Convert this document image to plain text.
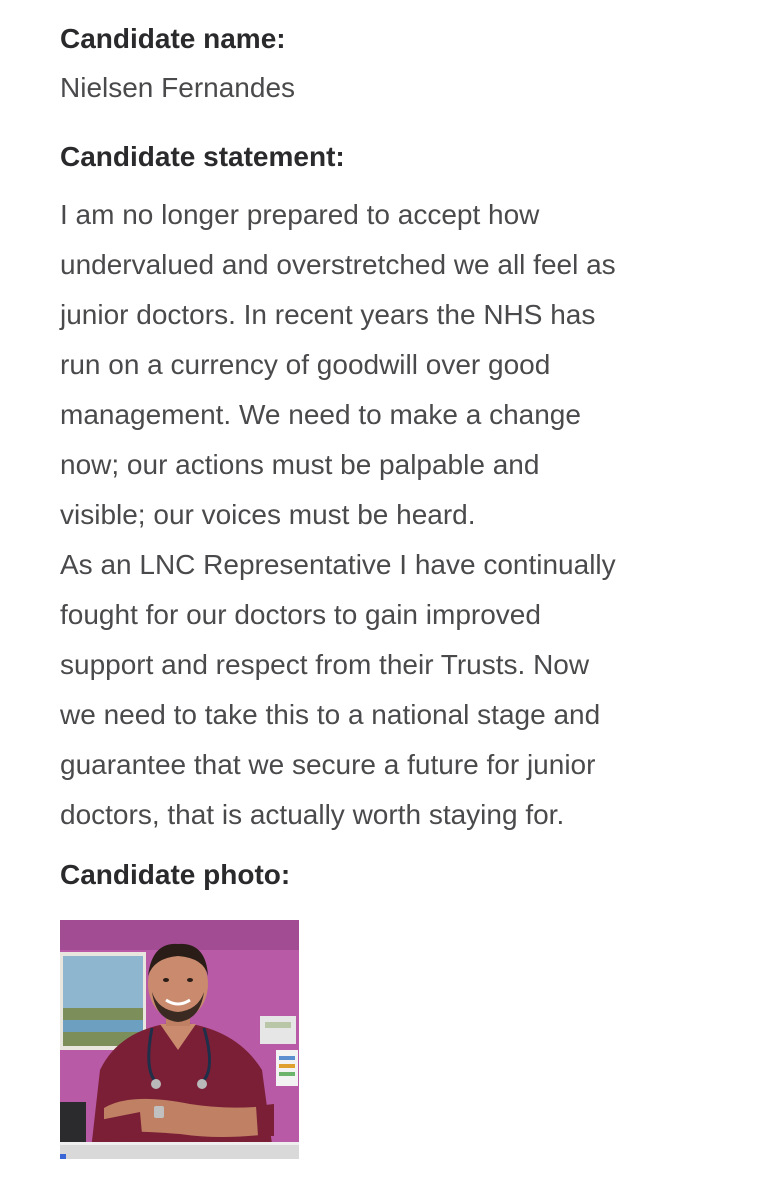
Candidate name:

Nielsen Fernandes

Candidate statement:

I am no longer prepared to accept how
undervalued and overstretched we all feel as
junior doctors. In recent years the NHS has
run on a currency of goodwill over good
management. We need to make a change
now; our actions must be palpable and
visible; our voices must be heard.
As an LNC Representative I have continually
fought for our doctors to gain improved
support and respect from their Trusts. Now
we need to take this to a national stage and
guarantee that we secure a future for junior
doctors, that is actually worth staying for.

Candidate photo:
